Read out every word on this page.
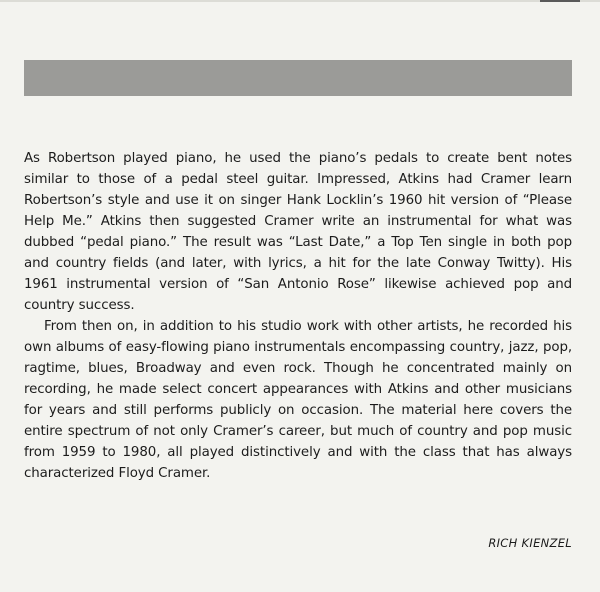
As Robertson played piano, he used the piano’s pedals to create bent notes similar to those of a pedal steel guitar. Impressed, Atkins had Cramer learn Robertson’s style and use it on singer Hank Locklin’s 1960 hit version of “Please Help Me.” Atkins then suggested Cramer write an instrumental for what was dubbed “pedal piano.” The result was “Last Date,” a Top Ten single in both pop and country fields (and later, with lyrics, a hit for the late Conway Twitty). His 1961 instrumental version of “San Antonio Rose” likewise achieved pop and country success.

From then on, in addition to his studio work with other artists, he recorded his own albums of easy-flowing piano instrumentals encompassing country, jazz, pop, ragtime, blues, Broadway and even rock. Though he concentrated mainly on recording, he made select concert appearances with Atkins and other musicians for years and still performs publicly on occasion. The material here covers the entire spectrum of not only Cramer’s career, but much of country and pop music from 1959 to 1980, all played distinctively and with the class that has always characterized Floyd Cramer.

RICH KIENZEL
